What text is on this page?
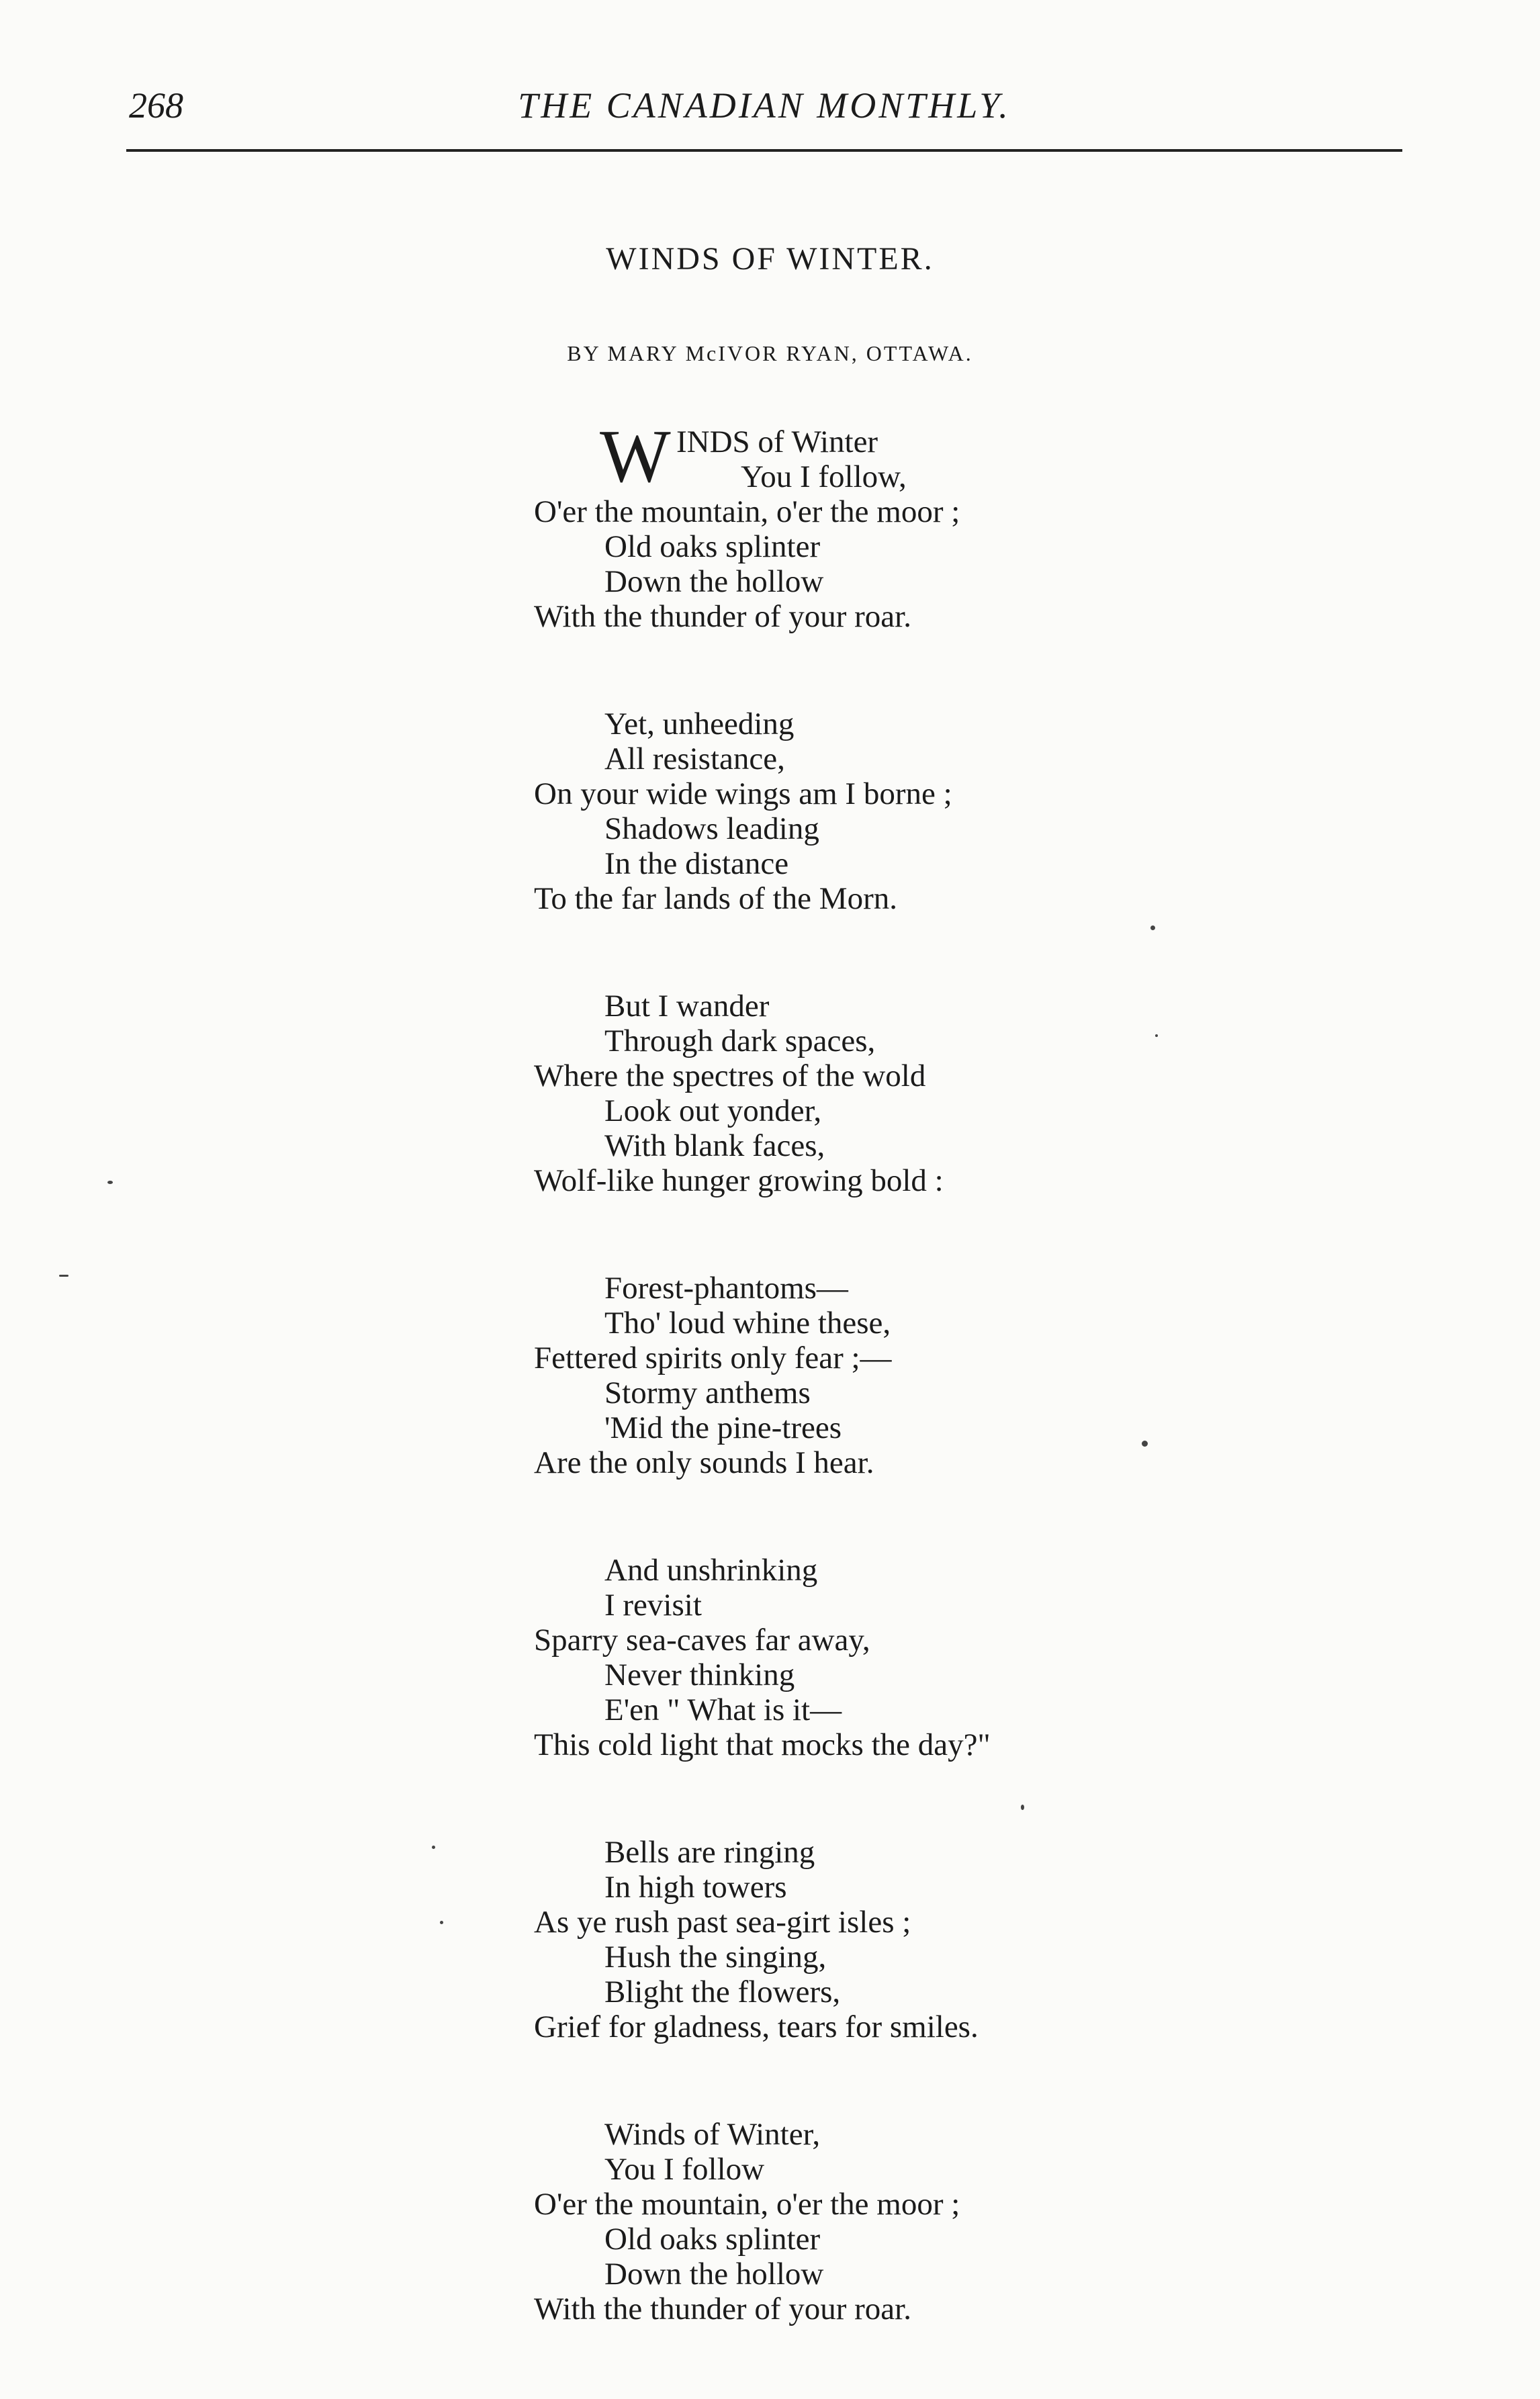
268	THE CANADIAN MONTHLY.
WINDS OF WINTER.
BY MARY McIVOR RYAN, OTTAWA.
W INDS of Winter
You I follow,
O'er the mountain, o'er the moor ;
Old oaks splinter
Down the hollow
With the thunder of your roar.
Yet, unheeding
All resistance,
On your wide wings am I borne ;
Shadows leading
In the distance
To the far lands of the Morn.
But I wander
Through dark spaces,
Where the spectres of the wold
Look out yonder,
With blank faces,
Wolf-like hunger growing bold :
Forest-phantoms—
Tho' loud whine these,
Fettered spirits only fear ;—
Stormy anthems
'Mid the pine-trees
Are the only sounds I hear.
And unshrinking
I revisit
Sparry sea-caves far away,
Never thinking
E'en " What is it—
This cold light that mocks the day?"
Bells are ringing
In high towers
As ye rush past sea-girt isles ;
Hush the singing,
Blight the flowers,
Grief for gladness, tears for smiles.
Winds of Winter,
You I follow
O'er the mountain, o'er the moor ;
Old oaks splinter
Down the hollow
With the thunder of your roar.
